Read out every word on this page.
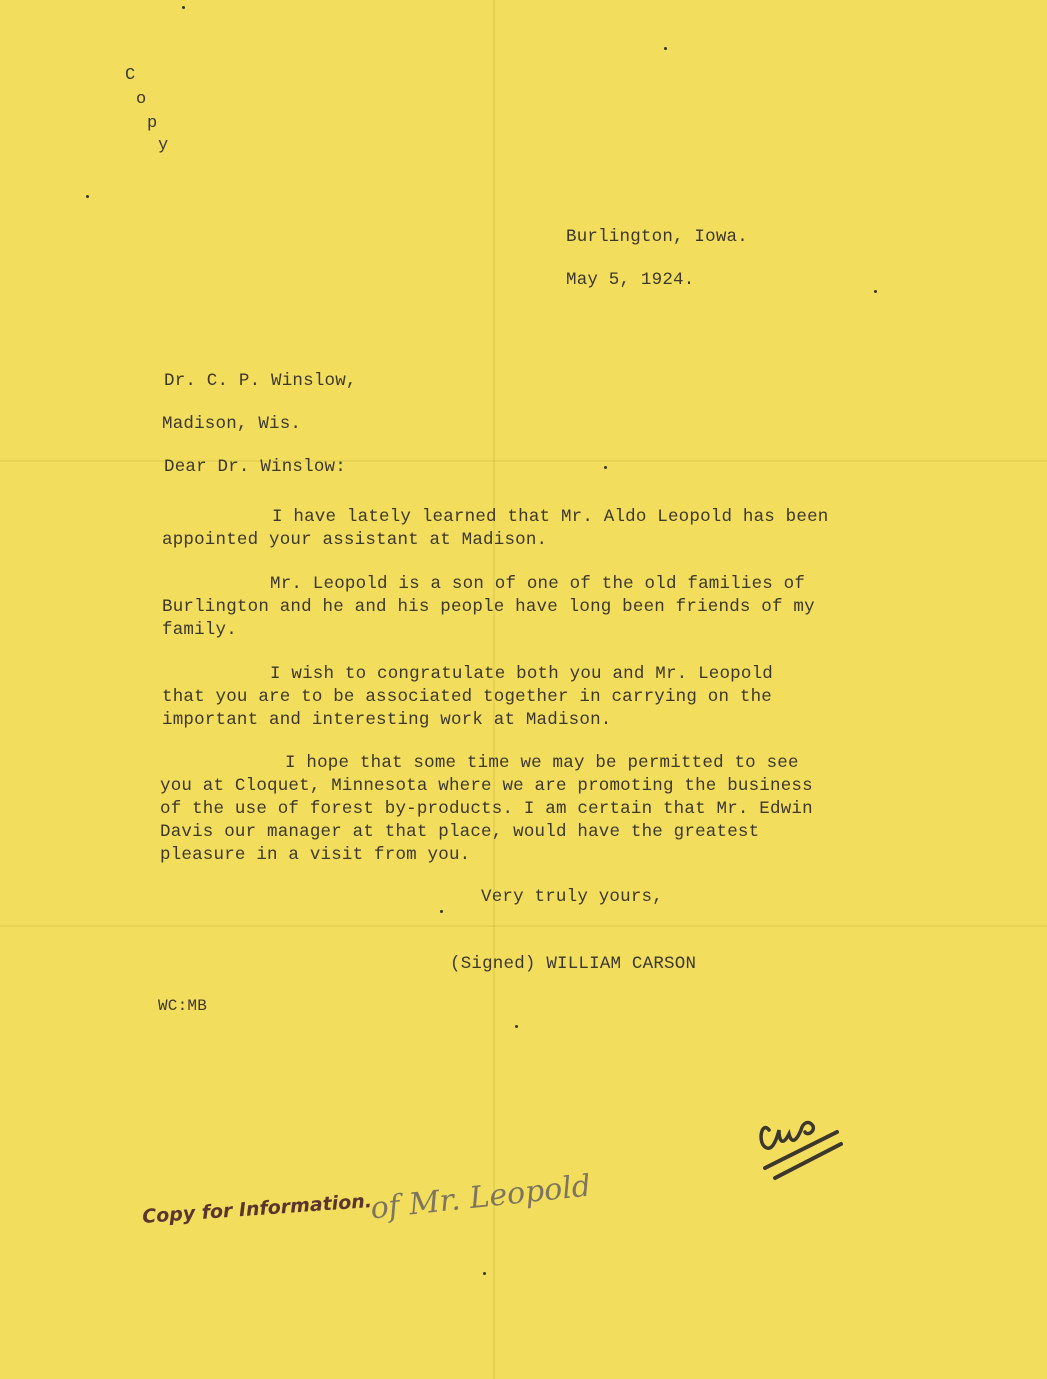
C
o
p
y
Burlington, Iowa.
May 5, 1924.
Dr. C. P. Winslow,
Madison, Wis.
Dear Dr. Winslow:
I have lately learned that Mr. Aldo Leopold has been
appointed your assistant at Madison.
Mr. Leopold is a son of one of the old families of
Burlington and he and his people have long been friends of my
family.
I wish to congratulate both you and Mr. Leopold
that you are to be associated together in carrying on the
important and interesting work at Madison.
I hope that some time we may be permitted to see
you at Cloquet, Minnesota where we are promoting the business
of the use of forest by-products. I am certain that Mr. Edwin
Davis our manager at that place, would have the greatest
pleasure in a visit from you.
Very truly yours,
(Signed) WILLIAM CARSON
WC:MB
Copy for Information.
of Mr. Leopold
